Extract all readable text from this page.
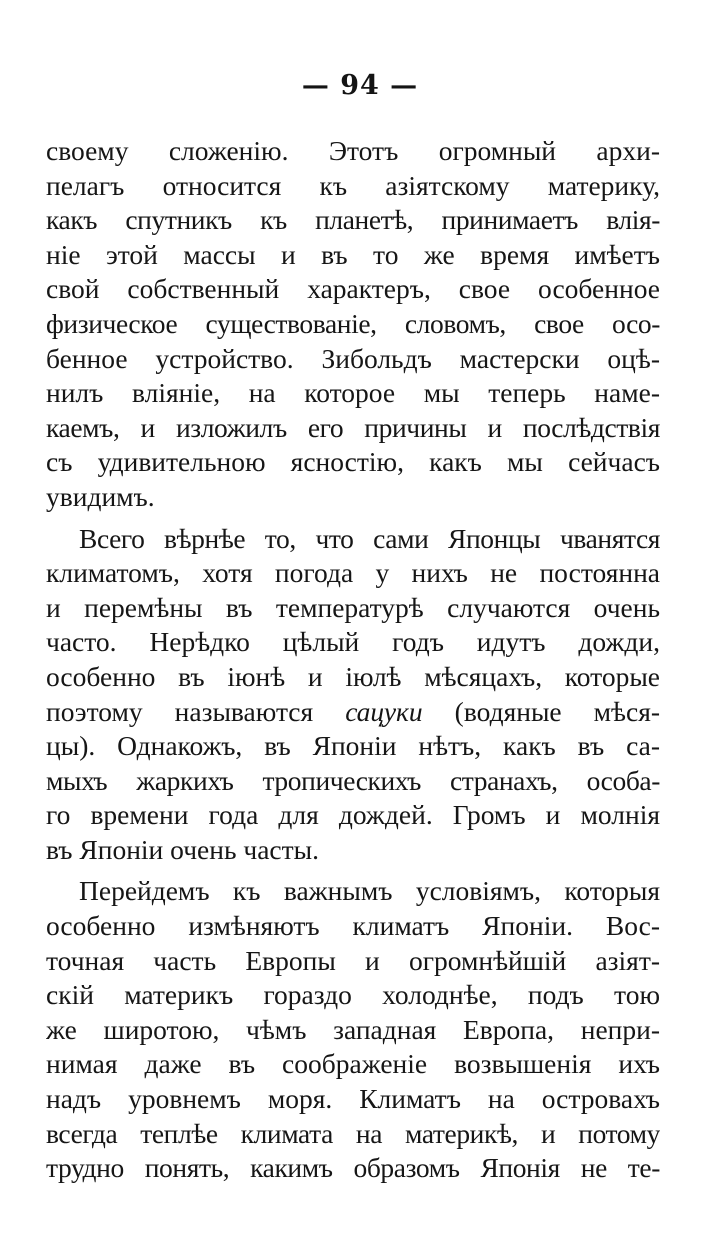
— 94 —
своему сложенію. Этотъ огромный архи-
пелагъ относится къ азіятскому материку,
какъ спутникъ къ планетѣ, принимаетъ влія-
ніе этой массы и въ то же время имѣетъ
свой собственный характеръ, свое особенное
физическое существованіе, словомъ, свое осо-
бенное устройство. Зибольдъ мастерски оцѣ-
нилъ вліяніе, на которое мы теперь наме-
каемъ, и изложилъ его причины и послѣдствія
съ удивительною ясностію, какъ мы сейчасъ
увидимъ.
Всего вѣрнѣе то, что сами Японцы чванятся
климатомъ, хотя погода у нихъ не постоянна
и перемѣны въ температурѣ случаются очень
часто. Нерѣдко цѣлый годъ идутъ дожди,
особенно въ іюнѣ и іюлѣ мѣсяцахъ, которые
поэтому называются сацуки (водяные мѣся-
цы). Однакожъ, въ Японіи нѣтъ, какъ въ са-
мыхъ жаркихъ тропическихъ странахъ, особа-
го времени года для дождей. Громъ и молнія
въ Японіи очень часты.
Перейдемъ къ важнымъ условіямъ, которыя
особенно измѣняютъ климатъ Японіи. Вос-
точная часть Европы и огромнѣйшій азіят-
скій материкъ гораздо холоднѣе, подъ тою
же широтою, чѣмъ западная Европа, непри-
нимая даже въ соображеніе возвышенія ихъ
надъ уровнемъ моря. Климатъ на островахъ
всегда теплѣе климата на материкѣ, и потому
трудно понять, какимъ образомъ Японія не те-
